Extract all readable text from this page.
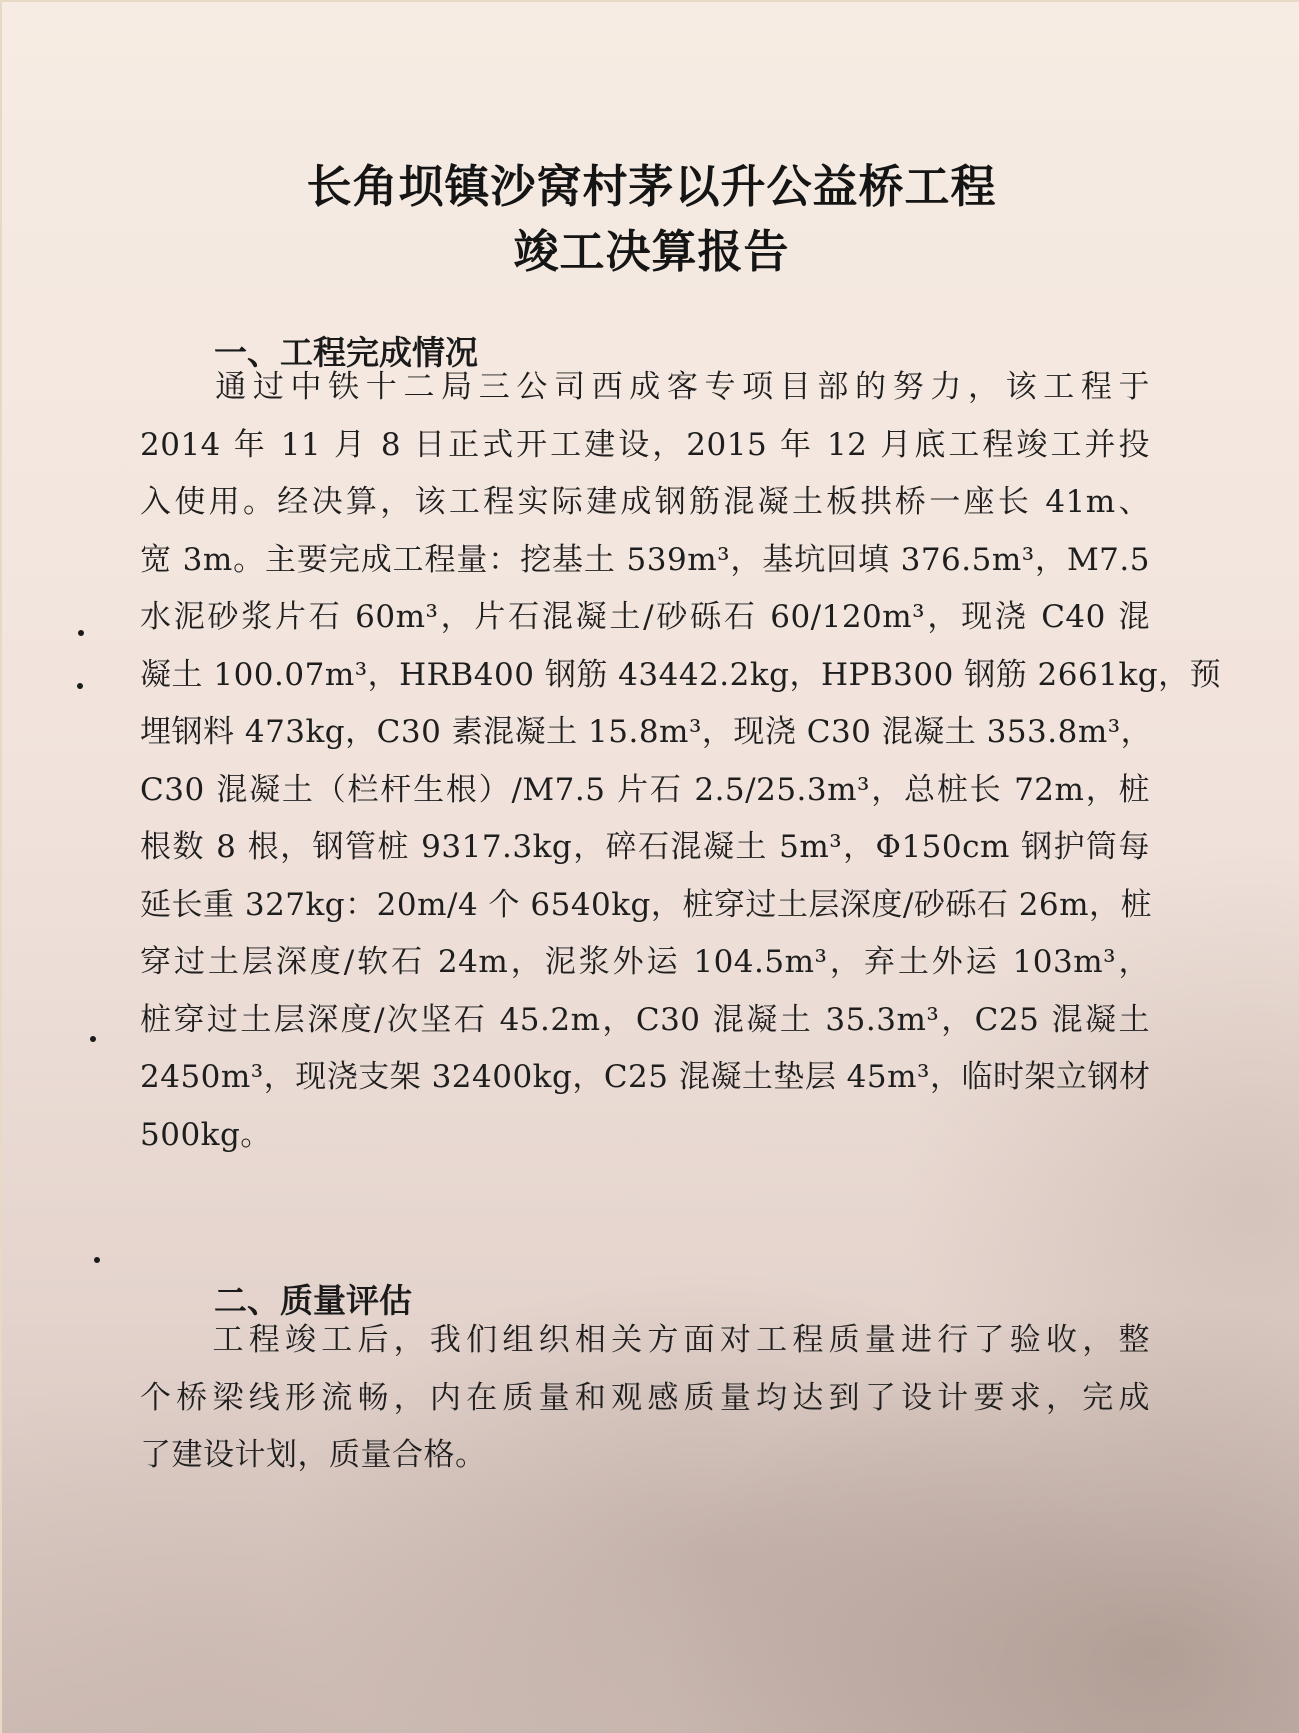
长角坝镇沙窝村茅以升公益桥工程
竣工决算报告
一、工程完成情况
　　通过中铁十二局三公司西成客专项目部的努力，该工程于
2014 年 11 月 8 日正式开工建设，2015 年 12 月底工程竣工并投
入使用。经决算，该工程实际建成钢筋混凝土板拱桥一座长 41m、
宽 3m。主要完成工程量：挖基土 539m³，基坑回填 376.5m³，M7.5
水泥砂浆片石 60m³，片石混凝土/砂砾石 60/120m³，现浇 C40 混
凝土 100.07m³，HRB400 钢筋 43442.2kg，HPB300 钢筋 2661kg，预
埋钢料 473kg，C30 素混凝土 15.8m³，现浇 C30 混凝土 353.8m³，
C30 混凝土（栏杆生根）/M7.5 片石 2.5/25.3m³，总桩长 72m，桩
根数 8 根，钢管桩 9317.3kg，碎石混凝土 5m³，Φ150cm 钢护筒每
延长重 327kg：20m/4 个 6540kg，桩穿过土层深度/砂砾石 26m，桩
穿过土层深度/软石 24m，泥浆外运 104.5m³，弃土外运 103m³，
桩穿过土层深度/次坚石 45.2m，C30 混凝土 35.3m³，C25 混凝土
2450m³，现浇支架 32400kg，C25 混凝土垫层 45m³，临时架立钢材
500kg。
二、质量评估
　　工程竣工后，我们组织相关方面对工程质量进行了验收，整
个桥梁线形流畅，内在质量和观感质量均达到了设计要求，完成
了建设计划，质量合格。
